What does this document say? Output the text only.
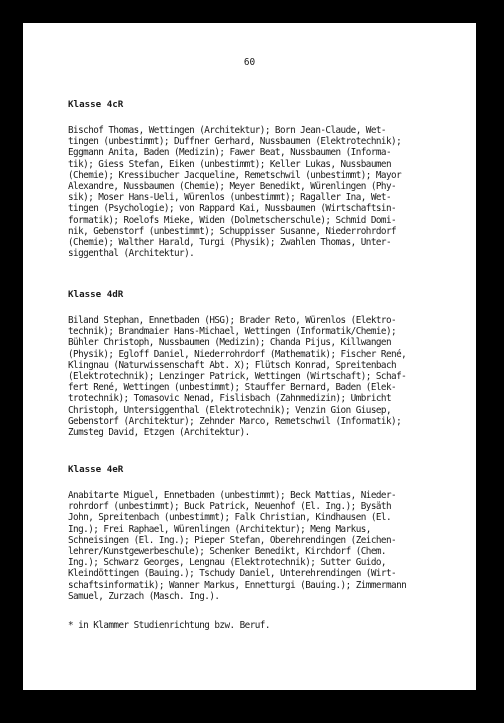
60
Klasse 4cR
Bischof Thomas, Wettingen (Architektur); Born Jean-Claude, Wet-
tingen (unbestimmt); Duffner Gerhard, Nussbaumen (Elektrotechnik);
Eggmann Anita, Baden (Medizin); Fawer Beat, Nussbaumen (Informa-
tik); Giess Stefan, Eiken (unbestimmt); Keller Lukas, Nussbaumen
(Chemie); Kressibucher Jacqueline, Remetschwil (unbestimmt); Mayor
Alexandre, Nussbaumen (Chemie); Meyer Benedikt, Würenlingen (Phy-
sik); Moser Hans-Ueli, Würenlos (unbestimmt); Ragaller Ina, Wet-
tingen (Psychologie); von Rappard Kai, Nussbaumen (Wirtschaftsin-
formatik); Roelofs Mieke, Widen (Dolmetscherschule); Schmid Domi-
nik, Gebenstorf (unbestimmt); Schuppisser Susanne, Niederrohrdorf
(Chemie); Walther Harald, Turgi (Physik); Zwahlen Thomas, Unter-
siggenthal (Architektur).
Klasse 4dR
Biland Stephan, Ennetbaden (HSG); Brader Reto, Würenlos (Elektro-
technik); Brandmaier Hans-Michael, Wettingen (Informatik/Chemie);
Bühler Christoph, Nussbaumen (Medizin); Chanda Pijus, Killwangen
(Physik); Egloff Daniel, Niederrohrdorf (Mathematik); Fischer René,
Klingnau (Naturwissenschaft Abt. X); Flütsch Konrad, Spreitenbach
(Elektrotechnik); Lenzinger Patrick, Wettingen (Wirtschaft); Schaf-
fert René, Wettingen (unbestimmt); Stauffer Bernard, Baden (Elek-
trotechnik); Tomasovic Nenad, Fislisbach (Zahnmedizin); Umbricht
Christoph, Untersiggenthal (Elektrotechnik); Venzin Gion Giusep,
Gebenstorf (Architektur); Zehnder Marco, Remetschwil (Informatik);
Zumsteg David, Etzgen (Architektur).
Klasse 4eR
Anabitarte Miguel, Ennetbaden (unbestimmt); Beck Mattias, Nieder-
rohrdorf (unbestimmt); Buck Patrick, Neuenhof (El. Ing.); Bysäth
John, Spreitenbach (unbestimmt); Falk Christian, Kindhausen (El.
Ing.); Frei Raphael, Würenlingen (Architektur); Meng Markus,
Schneisingen (El. Ing.); Pieper Stefan, Oberehrendingen (Zeichen-
lehrer/Kunstgewerbeschule); Schenker Benedikt, Kirchdorf (Chem.
Ing.); Schwarz Georges, Lengnau (Elektrotechnik); Sutter Guido,
Kleindöttingen (Bauing.); Tschudy Daniel, Unterehrendingen (Wirt-
schaftsinformatik); Wanner Markus, Ennetturgi (Bauing.); Zimmermann
Samuel, Zurzach (Masch. Ing.).
* in Klammer Studienrichtung bzw. Beruf.
